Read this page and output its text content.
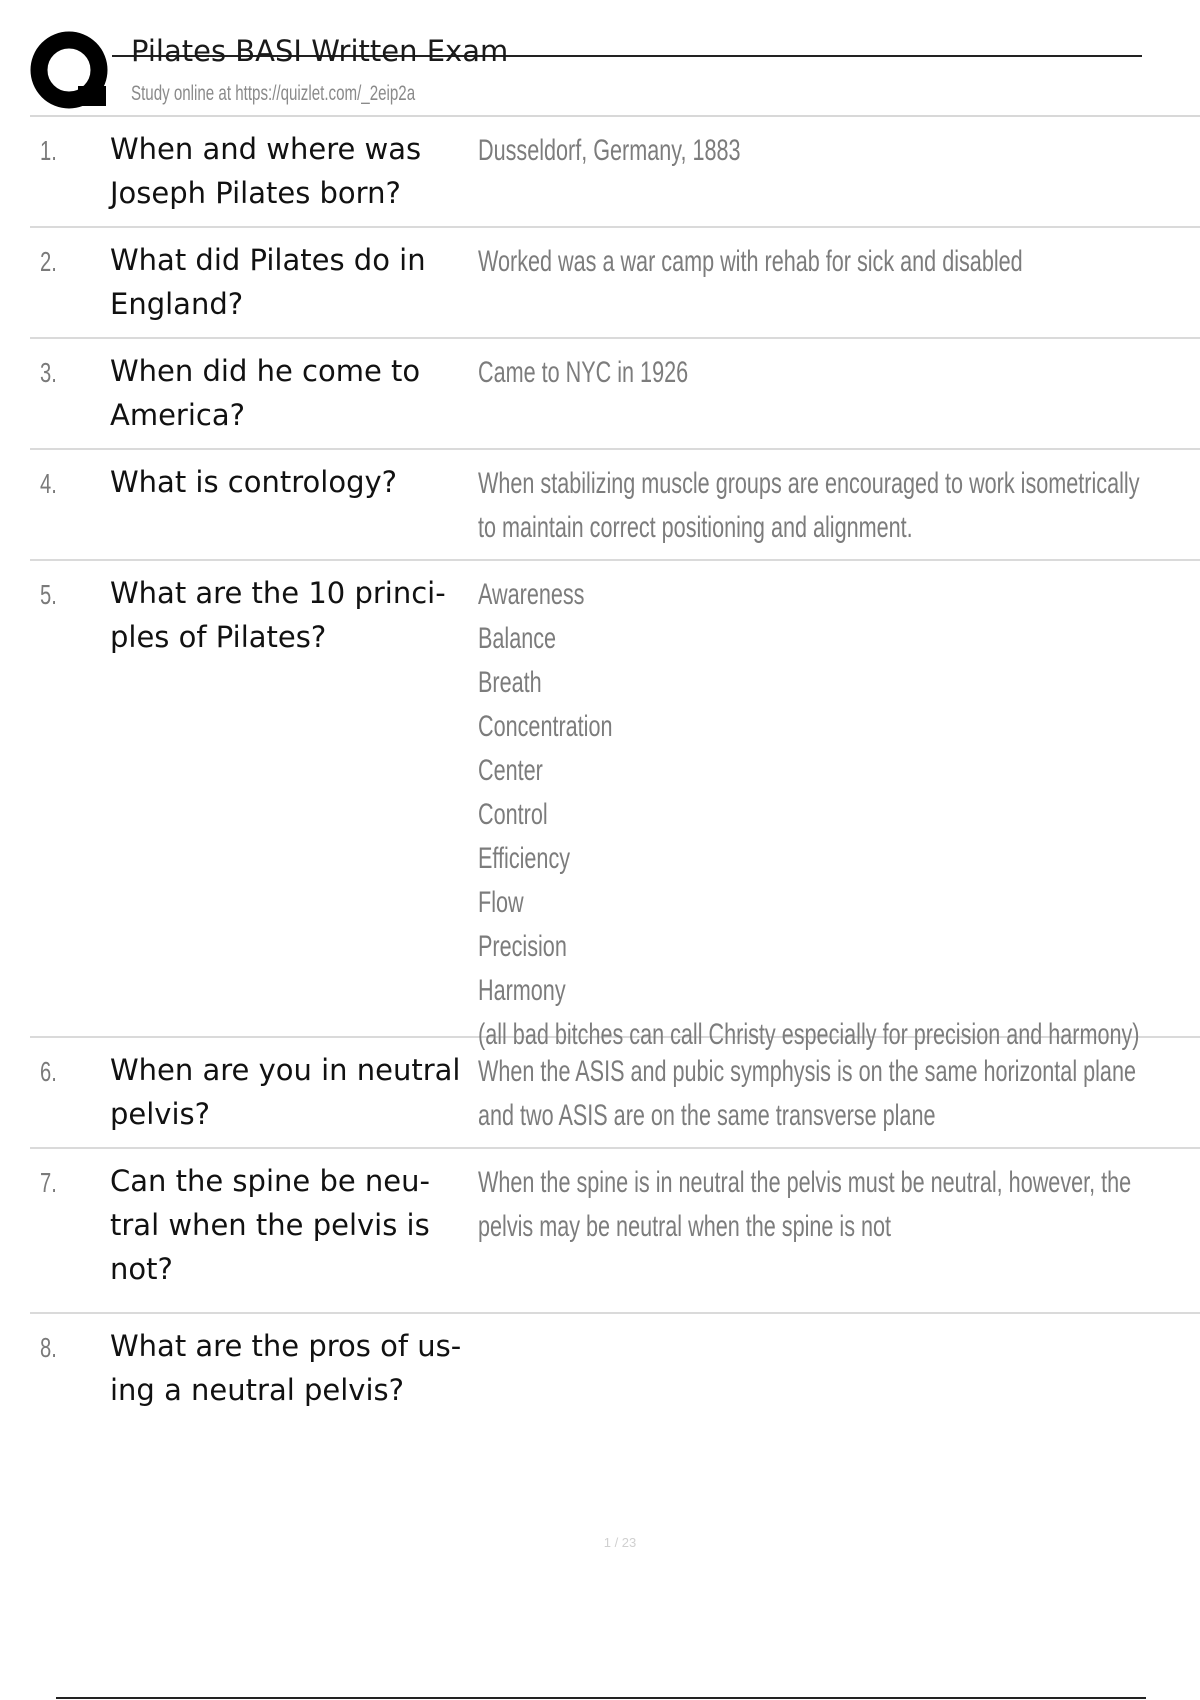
Pilates BASI Written Exam
Study online at https://quizlet.com/_2eip2a
1. When and where was Joseph Pilates born?
Dusseldorf, Germany, 1883
2. What did Pilates do in England?
Worked was a war camp with rehab for sick and disabled
3. When did he come to America?
Came to NYC in 1926
4. What is contrology?	When stabilizing muscle groups are encouraged to work isometrically
to maintain correct positioning and alignment.
5. What are the 10 princi- ples of Pilates?
Awareness
Balance
Breath
Concentration
Center
Control
Efficiency
Flow
Precision
Harmony
(all bad bitches can call Christy especially for precision and harmony)
6. When are you in neutral pelvis?
When the ASIS and pubic symphysis is on the same horizontal plane
and two ASIS are on the same transverse plane
7. Can the spine be neu- tral when the pelvis is not?
When the spine is in neutral the pelvis must be neutral, however, the
pelvis may be neutral when the spine is not
8. What are the pros of us- ing a neutral pelvis?
1 / 23
